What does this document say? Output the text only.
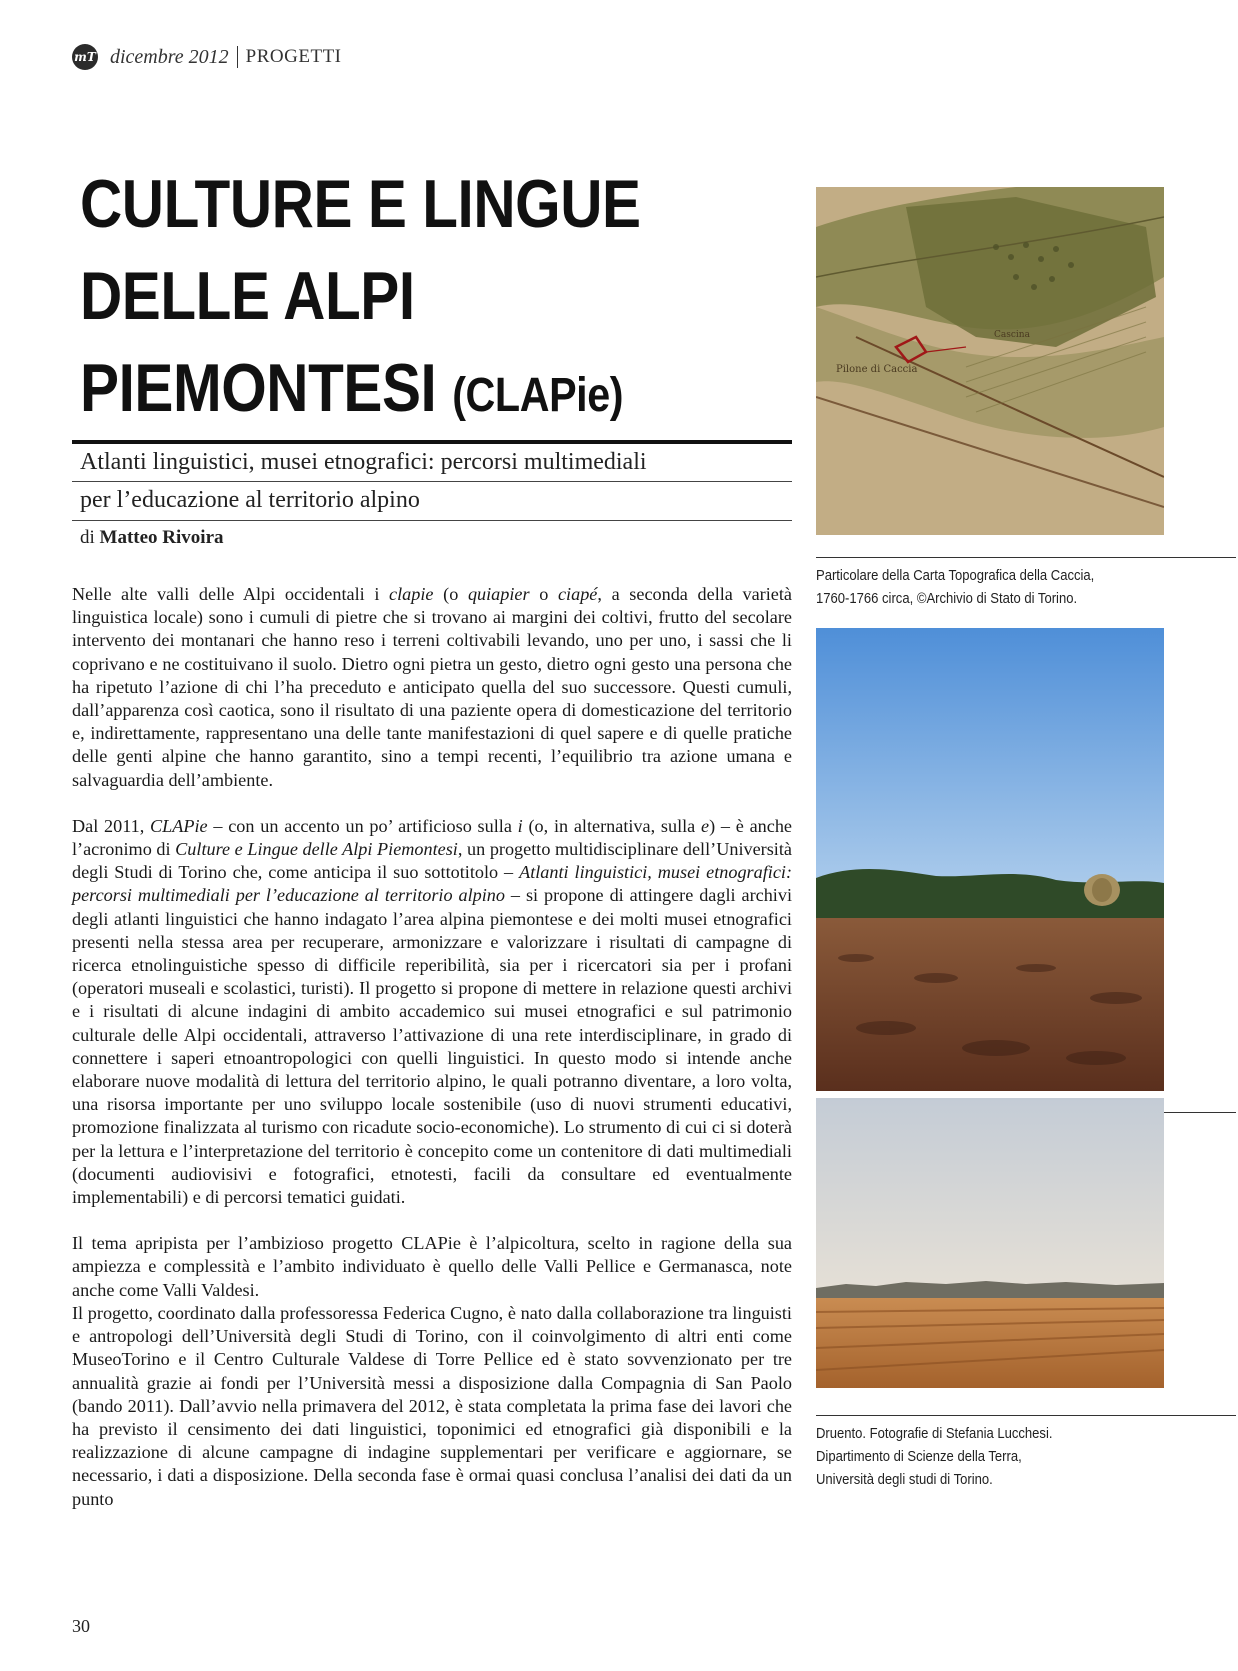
mT dicembre 2012 PROGETTI
CULTURE E LINGUE
DELLE ALPI
PIEMONTESI (CLAPie)
Atlanti linguistici, musei etnografici: percorsi multimediali
per l’educazione al territorio alpino
di Matteo Rivoira

Nelle alte valli delle Alpi occidentali i clapie (o quiapier o ciapé, a seconda della varietà linguistica locale) sono i cumuli di pietre che si trovano ai margini dei coltivi, frutto del secolare intervento dei montanari che hanno reso i terreni coltivabili levando, uno per uno, i sassi che li coprivano e ne costituivano il suolo. Dietro ogni pietra un gesto, dietro ogni gesto una persona che ha ripetuto l’azione di chi l’ha preceduto e anticipato quella del suo successore. Questi cumuli, dall’apparenza così caotica, sono il risultato di una paziente opera di domesticazione del territorio e, indirettamente, rappresentano una delle tante manifestazioni di quel sapere e di quelle pratiche delle genti alpine che hanno garantito, sino a tempi recenti, l’equilibrio tra azione umana e salvaguardia dell’ambiente.

Dal 2011, CLAPie – con un accento un po’ artificioso sulla i (o, in alternativa, sulla e) – è anche l’acronimo di Culture e Lingue delle Alpi Piemontesi, un progetto multidisciplinare dell’Università degli Studi di Torino che, come anticipa il suo sottotitolo – Atlanti linguistici, musei etnografici: percorsi multimediali per l’educazione al territorio alpino – si propone di attingere dagli archivi degli atlanti linguistici che hanno indagato l’area alpina piemontese e dei molti musei etnografici presenti nella stessa area per recuperare, armonizzare e valorizzare i risultati di campagne di ricerca etnolinguistiche spesso di difficile reperibilità, sia per i ricercatori sia per i profani (operatori museali e scolastici, turisti). Il progetto si propone di mettere in relazione questi archivi e i risultati di alcune indagini di ambito accademico sui musei etnografici e sul patrimonio culturale delle Alpi occidentali, attraverso l’attivazione di una rete interdisciplinare, in grado di connettere i saperi etnoantropologici con quelli linguistici. In questo modo si intende anche elaborare nuove modalità di lettura del territorio alpino, le quali potranno diventare, a loro volta, una risorsa importante per uno sviluppo locale sostenibile (uso di nuovi strumenti educativi, promozione finalizzata al turismo con ricadute socio-economiche). Lo strumento di cui ci si doterà per la lettura e l’interpretazione del territorio è concepito come un contenitore di dati multimediali (documenti audiovisivi e fotografici, etnotesti, facili da consultare ed eventualmente implementabili) e di percorsi tematici guidati.

Il tema apripista per l’ambizioso progetto CLAPie è l’alpicoltura, scelto in ragione della sua ampiezza e complessità e l’ambito individuato è quello delle Valli Pellice e Germanasca, note anche come Valli Valdesi.

Il progetto, coordinato dalla professoressa Federica Cugno, è nato dalla collaborazione tra linguisti e antropologi dell’Università degli Studi di Torino, con il coinvolgimento di altri enti come MuseoTorino e il Centro Culturale Valdese di Torre Pellice ed è stato sovvenzionato per tre annualità grazie ai fondi per l’Università messi a disposizione dalla Compagnia di San Paolo (bando 2011). Dall’avvio nella primavera del 2012, è stata completata la prima fase dei lavori che ha previsto il censimento dei dati linguistici, toponimici ed etnografici già disponibili e la realizzazione di alcune campagne di indagine supplementari per verificare e aggiornare, se necessario, i dati a disposizione. Della seconda fase è ormai quasi conclusa l’analisi dei dati da un punto

30
Cascina
Pilone di Caccia
Particolare della Carta Topografica della Caccia,
1760-1766 circa, ©Archivio di Stato di Torino.
Druento. Fotografie di Stefania Lucchesi.
Dipartimento di Scienze della Terra,
Università degli studi di Torino.
